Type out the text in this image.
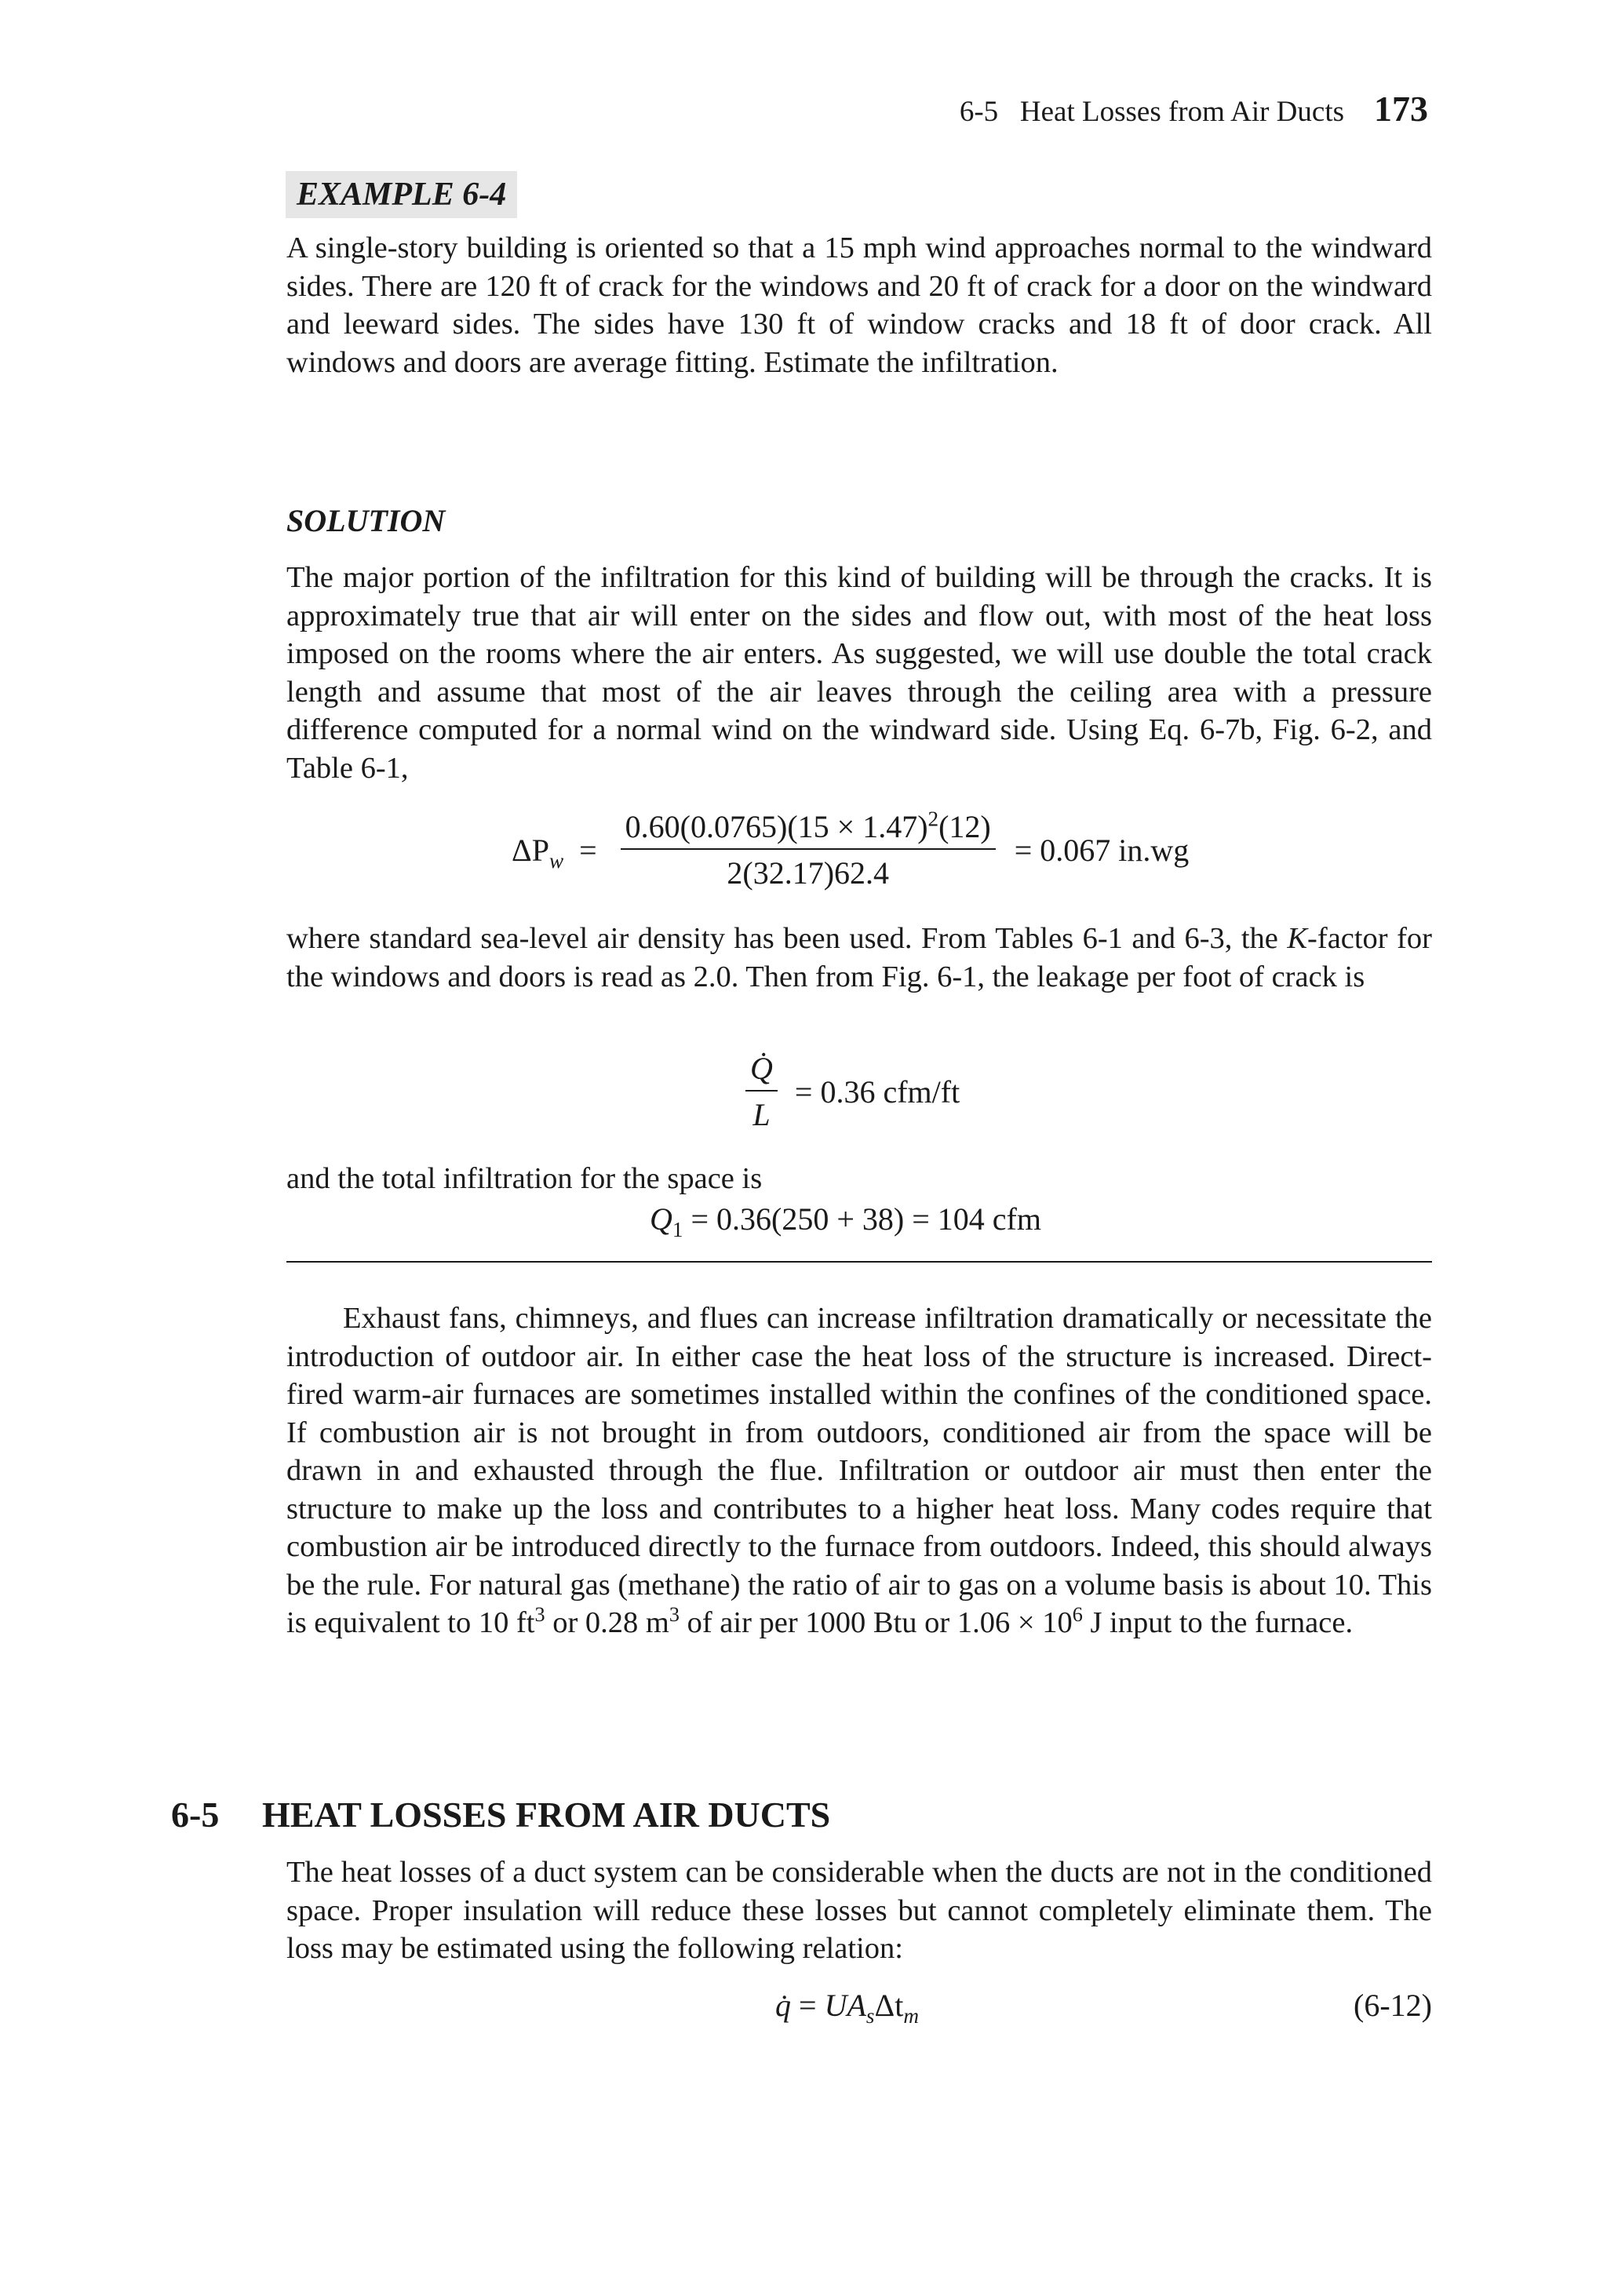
6-5 Heat Losses from Air Ducts 173
EXAMPLE 6-4
A single-story building is oriented so that a 15 mph wind approaches normal to the windward sides. There are 120 ft of crack for the windows and 20 ft of crack for a door on the windward and leeward sides. The sides have 130 ft of window cracks and 18 ft of door crack. All windows and doors are average fitting. Estimate the infiltration.
SOLUTION
The major portion of the infiltration for this kind of building will be through the cracks. It is approximately true that air will enter on the sides and flow out, with most of the heat loss imposed on the rooms where the air enters. As suggested, we will use double the total crack length and assume that most of the air leaves through the ceiling area with a pressure difference computed for a normal wind on the windward side. Using Eq. 6-7b, Fig. 6-2, and Table 6-1,
$\Delta P_w = \frac{0.60(0.0765)(15 \times 1.47)^2(12)}{2(32.17)62.4} = 0.067$ in.wg
where standard sea-level air density has been used. From Tables 6-1 and 6-3, the K-factor for the windows and doors is read as 2.0. Then from Fig. 6-1, the leakage per foot of crack is
$\frac{Q̇}{L} = 0.36$ cfm/ft
and the total infiltration for the space is
$Q_1 = 0.36(250 + 38) = 104$ cfm
Exhaust fans, chimneys, and flues can increase infiltration dramatically or necessitate the introduction of outdoor air. In either case the heat loss of the structure is increased. Direct-fired warm-air furnaces are sometimes installed within the confines of the conditioned space. If combustion air is not brought in from outdoors, conditioned air from the space will be drawn in and exhausted through the flue. Infiltration or outdoor air must then enter the structure to make up the loss and contributes to a higher heat loss. Many codes require that combustion air be introduced directly to the furnace from outdoors. Indeed, this should always be the rule. For natural gas (methane) the ratio of air to gas on a volume basis is about 10. This is equivalent to 10 $ft^3$ or 0.28 $m^3$ of air per 1000 Btu or $1.06 \times 10^6$ J input to the furnace.
6-5 HEAT LOSSES FROM AIR DUCTS
The heat losses of a duct system can be considerable when the ducts are not in the conditioned space. Proper insulation will reduce these losses but cannot completely eliminate them. The loss may be estimated using the following relation:
q̇ = $UA_s\Delta t_m$	(6-12)
